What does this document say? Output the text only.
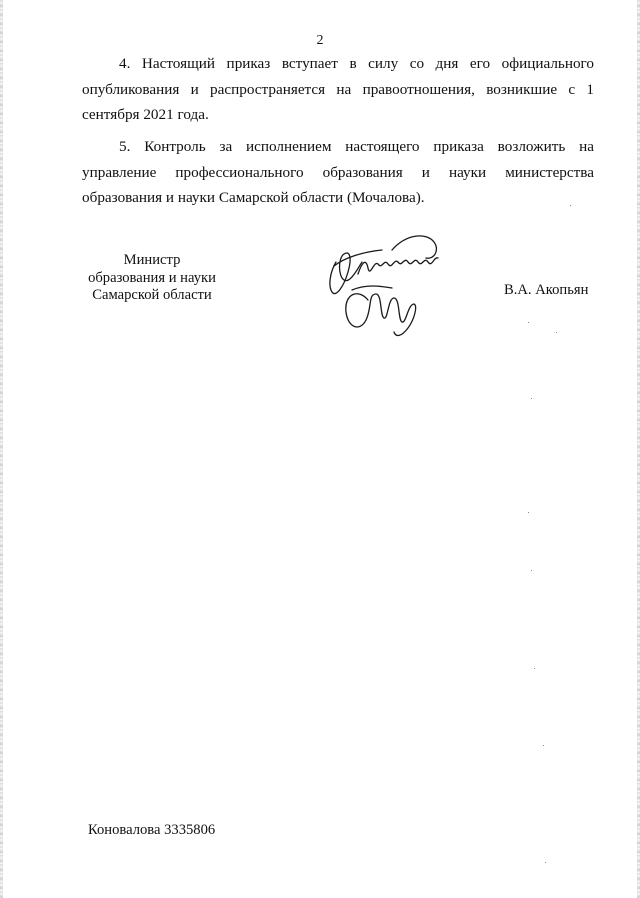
2

4. Настоящий приказ вступает в силу со дня его официального опубликования и распространяется на правоотношения, возникшие с 1 сентября 2021 года.

5. Контроль за исполнением настоящего приказа возложить на управление профессионального образования и науки министерства образования и науки Самарской области (Мочалова).

Министр
образования и науки
Самарской области	В.А. Акопьян
Коновалова 3335806
